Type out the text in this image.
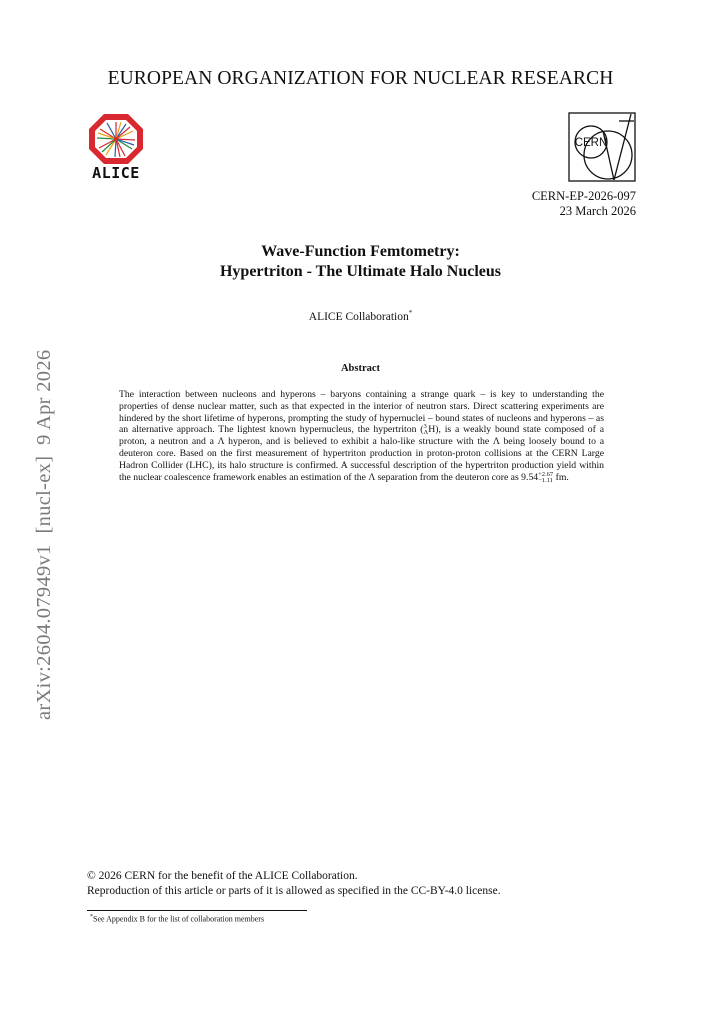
EUROPEAN ORGANIZATION FOR NUCLEAR RESEARCH
ALICE
CERN
CERN-EP-2026-097
23 March 2026
Wave-Function Femtometry:
Hypertriton - The Ultimate Halo Nucleus
ALICE Collaboration*
Abstract
The interaction between nucleons and hyperons – baryons containing a strange quark – is key to understanding the properties of dense nuclear matter, such as that expected in the interior of neutron stars. Direct scattering experiments are hindered by the short lifetime of hyperons, prompting the study of hypernuclei – bound states of nucleons and hyperons – as an alternative approach. The lightest known hypernucleus, the hypertriton ( 3
Λ H), is a weakly bound state composed of a proton, a neutron and a Λ hyperon, and is believed to exhibit a halo-like structure with the Λ being loosely bound to a deuteron core. Based on the first measurement of hypertriton production in proton-proton collisions at the CERN Large Hadron Collider (LHC), its halo structure is confirmed. A successful description of the hypertriton production yield within the nuclear coalescence framework enables an estimation of the Λ separation from the deuteron core as 9.54 +2.67
−1.11 fm.
arXiv:2604.07949v1  [nucl-ex]  9 Apr 2026
© 2026 CERN for the benefit of the ALICE Collaboration.
Reproduction of this article or parts of it is allowed as specified in the CC-BY-4.0 license.
*See Appendix B for the list of collaboration members
